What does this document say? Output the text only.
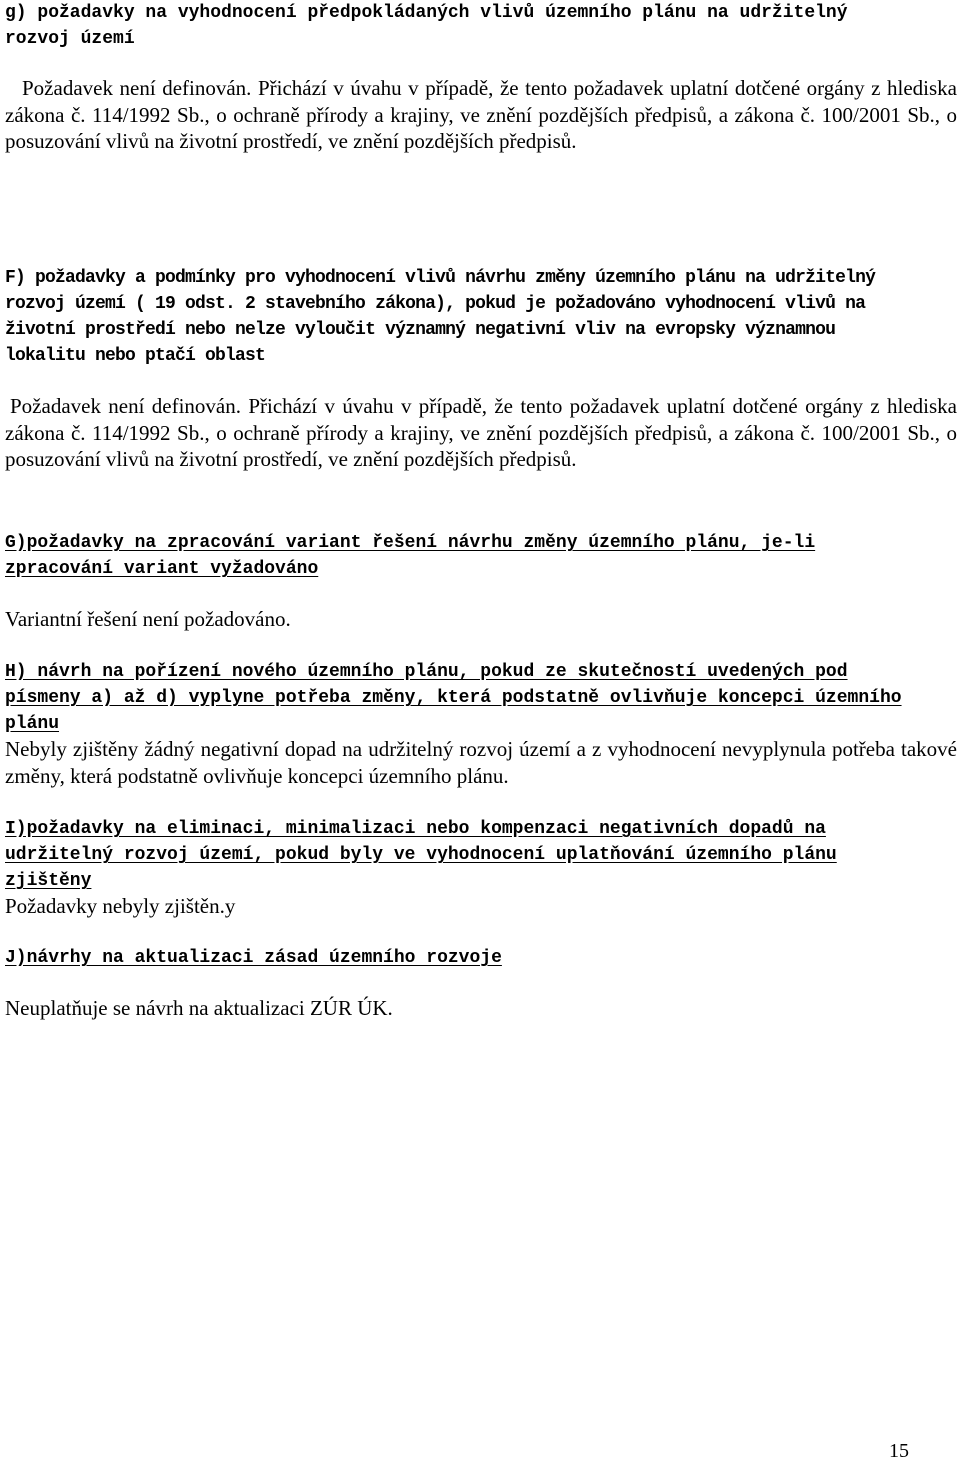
g) požadavky na vyhodnocení předpokládaných vlivů územního plánu na udržitelný rozvoj území

Požadavek není definován. Přichází v úvahu v případě, že tento požadavek uplatní dotčené orgány z hlediska zákona č. 114/1992 Sb., o ochraně přírody a krajiny, ve znění pozdějších předpisů, a zákona č. 100/2001 Sb., o posuzování vlivů na životní prostředí, ve znění pozdějších předpisů.

F) požadavky a podmínky pro vyhodnocení vlivů návrhu změny územního plánu na udržitelný rozvoj území ( 19 odst. 2 stavebního zákona), pokud je požadováno vyhodnocení vlivů na životní prostředí nebo nelze vyloučit významný negativní vliv na evropsky významnou lokalitu nebo ptačí oblast

Požadavek není definován. Přichází v úvahu v případě, že tento požadavek uplatní dotčené orgány z hlediska zákona č. 114/1992 Sb., o ochraně přírody a krajiny, ve znění pozdějších předpisů, a zákona č. 100/2001 Sb., o posuzování vlivů na životní prostředí, ve znění pozdějších předpisů.

G)požadavky na zpracování variant řešení návrhu změny územního plánu, je-li zpracování variant vyžadováno

Variantní řešení není požadováno.

H) návrh na pořízení nového územního plánu, pokud ze skutečností uvedených pod písmeny a) až d) vyplyne potřeba změny, která podstatně ovlivňuje koncepci územního plánu

Nebyly zjištěny žádný negativní dopad na udržitelný rozvoj území a z vyhodnocení nevyplynula potřeba takové změny, která podstatně ovlivňuje koncepci územního plánu.

I)požadavky na eliminaci, minimalizaci nebo kompenzaci negativních dopadů na udržitelný rozvoj území, pokud byly ve vyhodnocení uplatňování územního plánu zjištěny

Požadavky nebyly zjištěn.y

J)návrhy na aktualizaci zásad územního rozvoje

Neuplatňuje se návrh na aktualizaci ZÚR ÚK.

15
